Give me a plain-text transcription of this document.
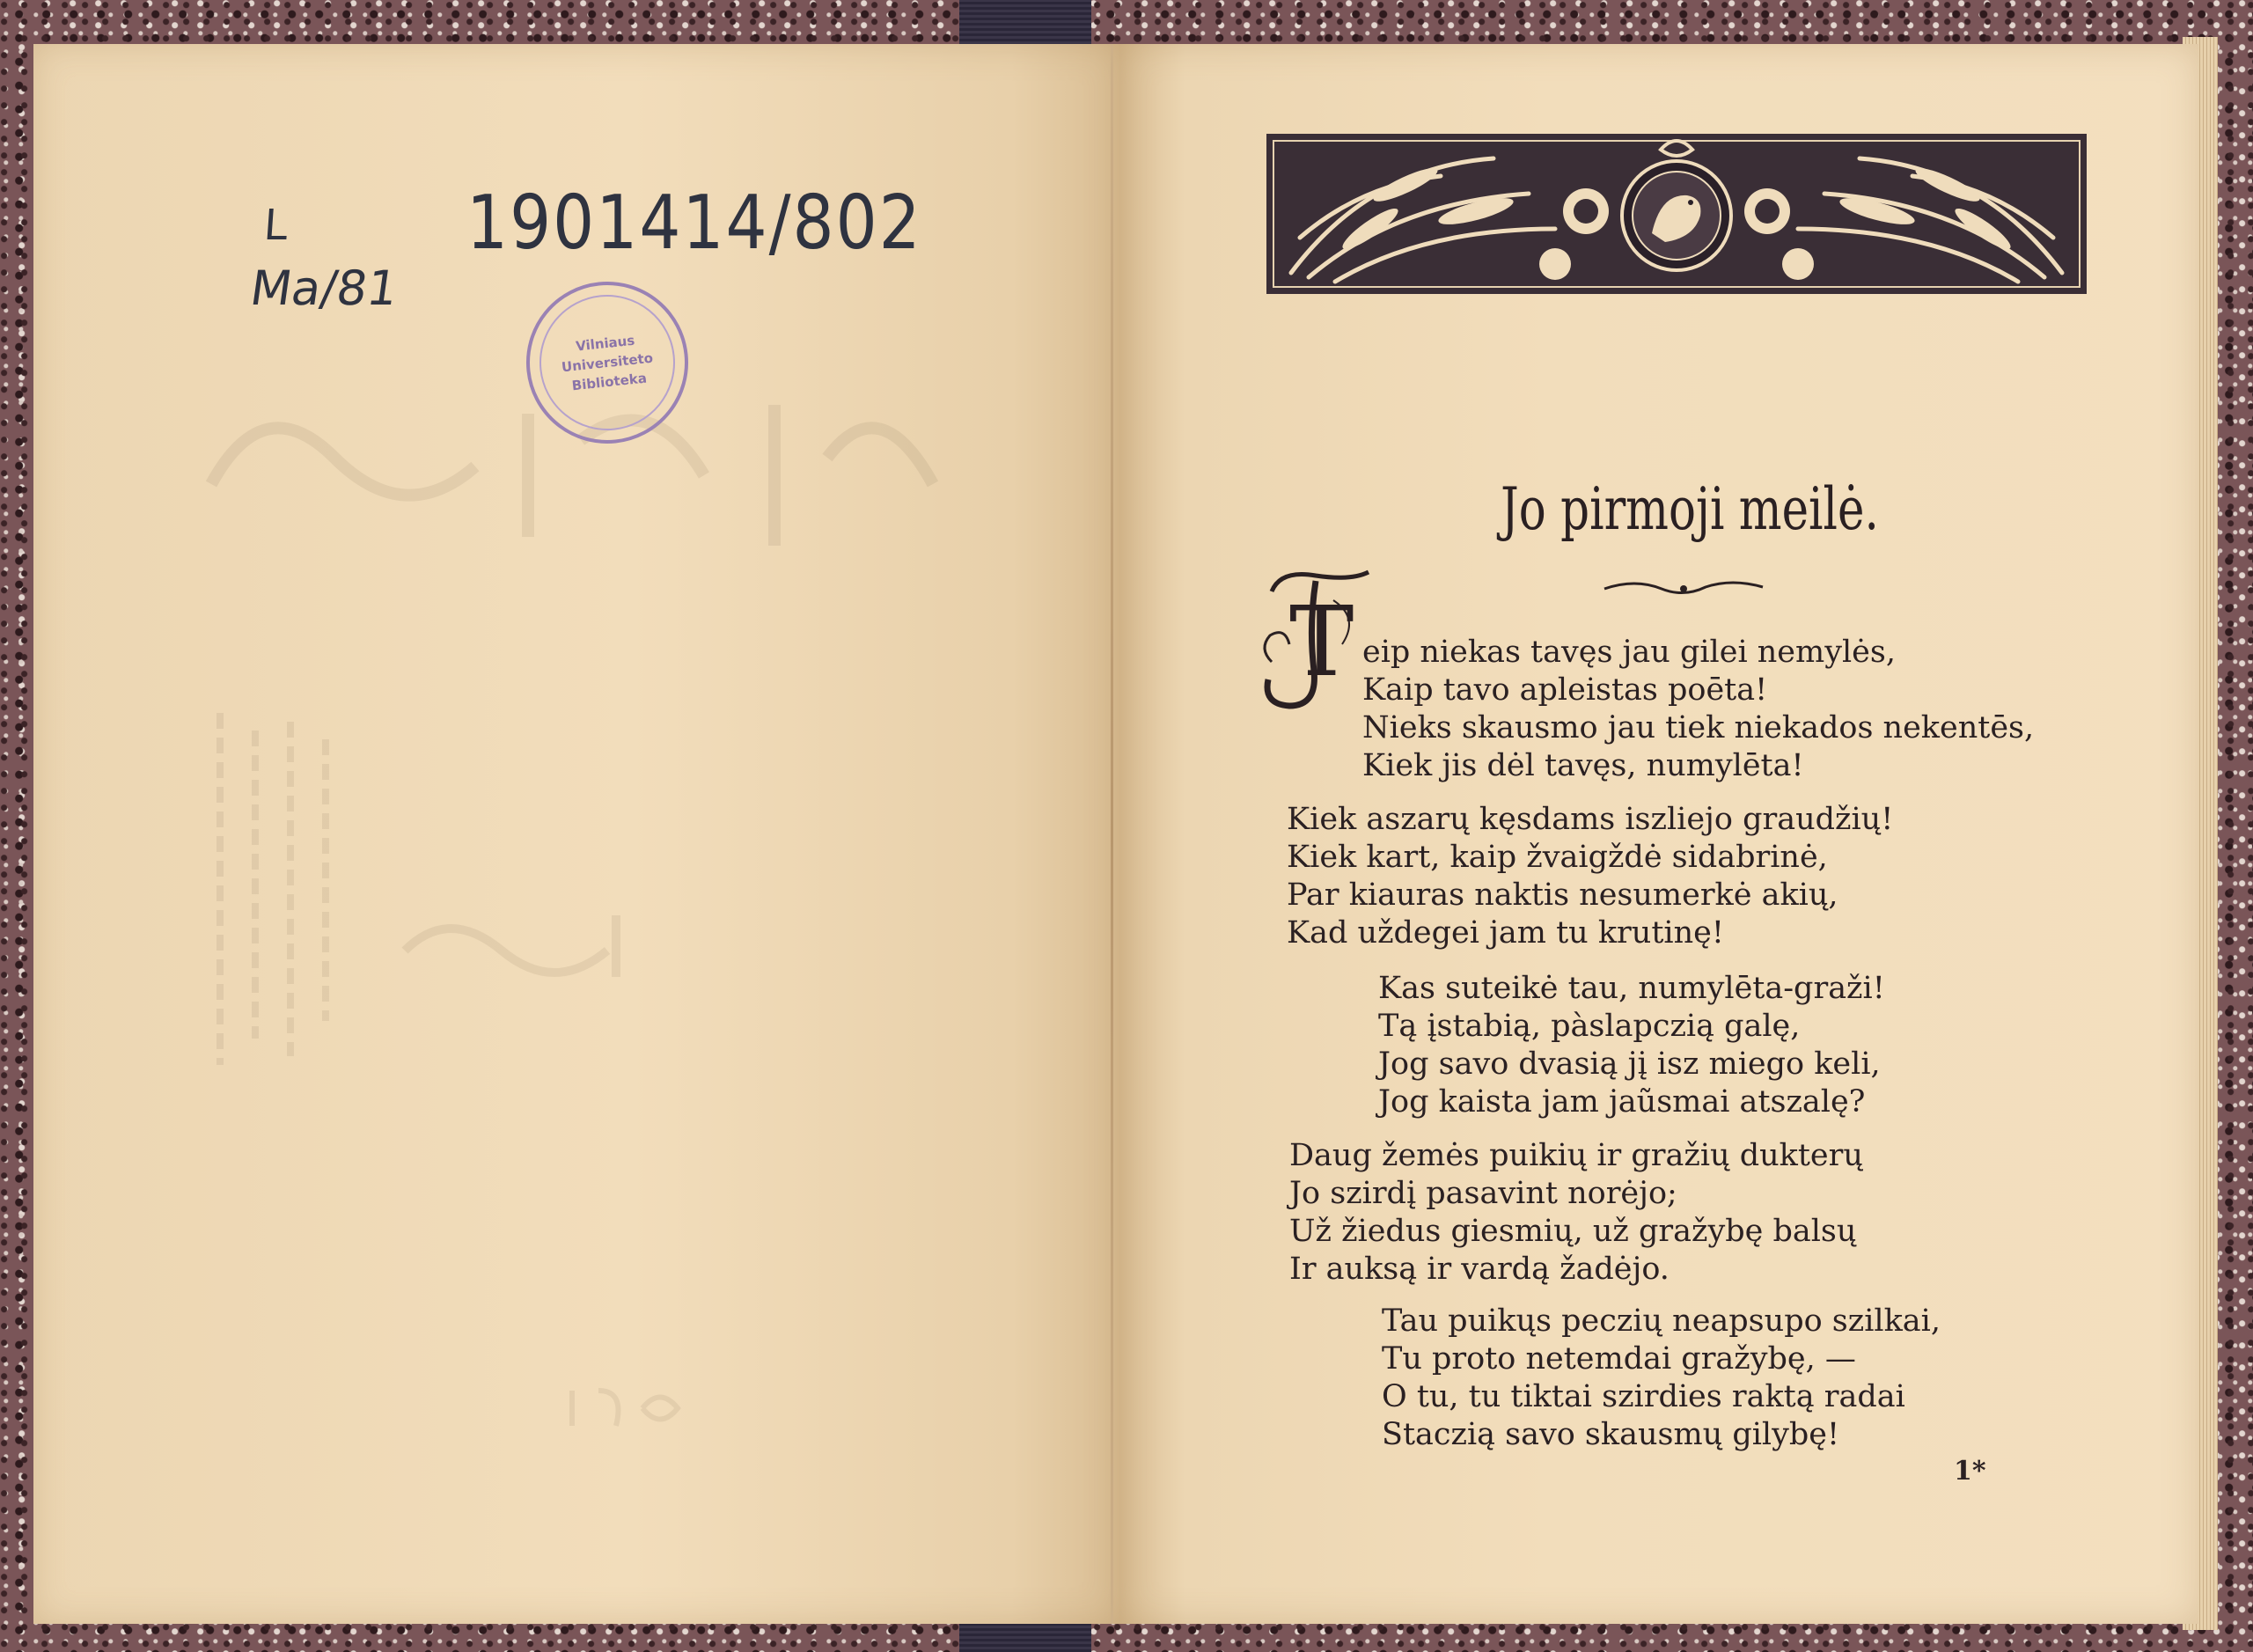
L
Ma/81
1901414/802
Vilniaus
Universiteto
Biblioteka
Jo pirmoji meilė.
T eip niekas tavęs jau gilei nemylės,
Kaip tavo apleistas poēta!
Nieks skausmo jau tiek niekados nekentēs,
Kiek jis dėl tavęs, numylēta!
Kiek aszarų kęsdams iszliejo graudžių!
Kiek kart, kaip žvaigždė sidabrinė,
Par kiauras naktis nesumerkė akių,
Kad uždegei jam tu krutinę!
Kas suteikė tau, numylēta-graži!
Tą įstabią, pàslapczią galę,
Jog savo dvasią jį isz miego keli,
Jog kaista jam jaũsmai atszalę?
Daug žemės puikių ir gražių dukterų
Jo szirdį pasavint norėjo;
Už žiedus giesmių, už gražybę balsų
Ir auksą ir vardą žadėjo.
Tau puikųs peczių neapsupo szilkai,
Tu proto netemdai gražybę, —
O tu, tu tiktai szirdies raktą radai
Staczią savo skausmų gilybę!
1*
